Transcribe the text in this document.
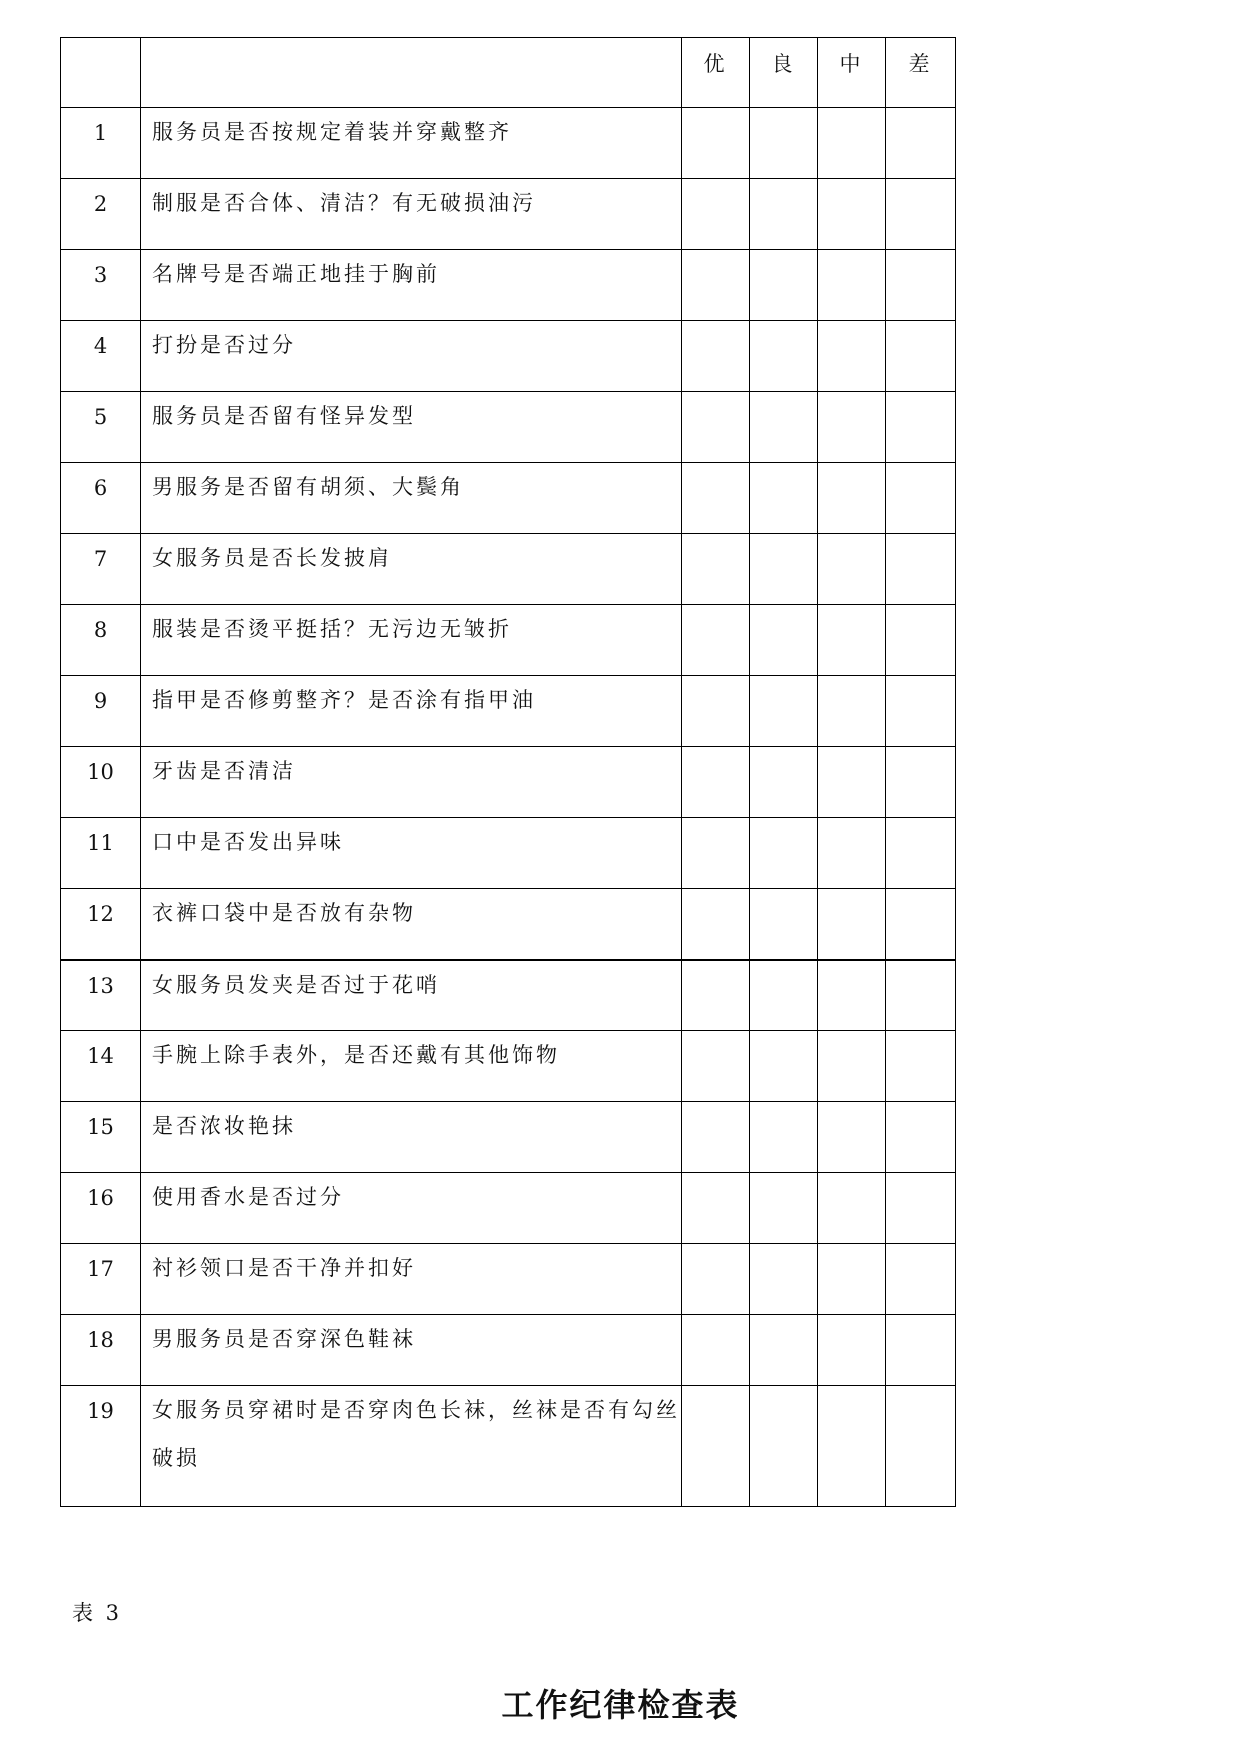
		优	良	中	差
1	服务员是否按规定着装并穿戴整齐				

2	制服是否合体、清洁？有无破损油污				

3	名牌号是否端正地挂于胸前				

4	打扮是否过分				

5	服务员是否留有怪异发型				

6	男服务是否留有胡须、大鬓角				

7	女服务员是否长发披肩				

8	服装是否烫平挺括？无污边无皱折				

9	指甲是否修剪整齐？是否涂有指甲油				

10	牙齿是否清洁				

11	口中是否发出异味				

12	衣裤口袋中是否放有杂物				

13	女服务员发夹是否过于花哨				

14	手腕上除手表外，是否还戴有其他饰物				

15	是否浓妆艳抹				

16	使用香水是否过分				

17	衬衫领口是否干净并扣好				

18	男服务员是否穿深色鞋袜				

19	女服务员穿裙时是否穿肉色长袜，丝袜是否有勾丝破损				

表 3
工作纪律检查表
